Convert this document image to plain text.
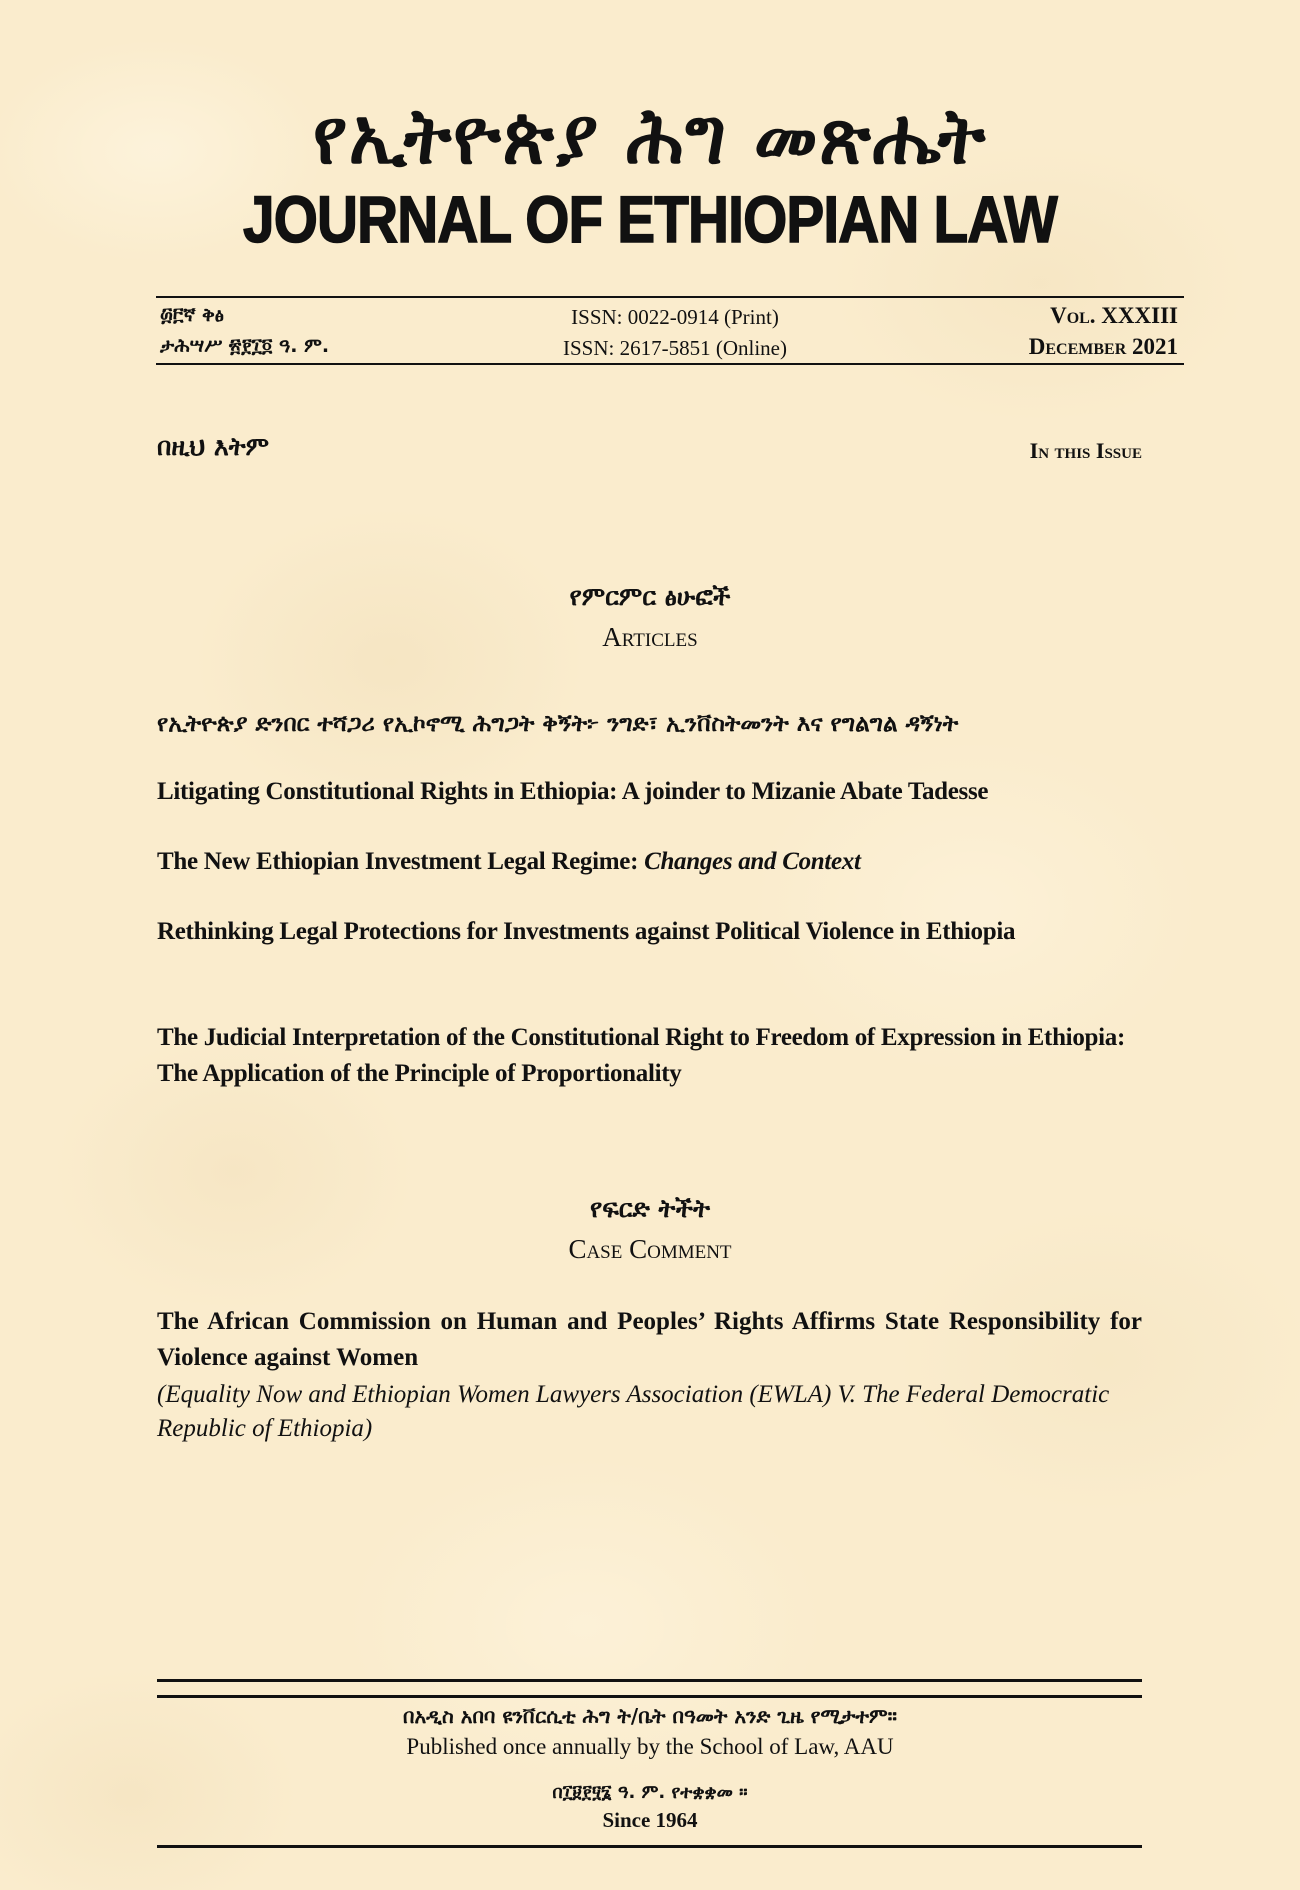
የኢትዮጵያ ሕግ መጽሔት
JOURNAL OF ETHIOPIAN LAW
፴፫ኛ ቅፅ
ታሕሣሥ ፳፻፲፬ ዓ. ም.
ISSN: 0022-0914 (Print)
ISSN: 2617-5851 (Online)
Vol. XXXIII
December 2021
በዚህ እትም	In this Issue
የምርምር ፅሁፎች
Articles
የኢትዮጵያ ድንበር ተሻጋሪ የኢኮኖሚ ሕግጋት ቅኝት፦ ንግድ፣ ኢንቨስትመንት እና የግልግል ዳኝነት
Litigating Constitutional Rights in Ethiopia: A joinder to Mizanie Abate Tadesse
The New Ethiopian Investment Legal Regime: Changes and Context
Rethinking Legal Protections for Investments against Political Violence in Ethiopia
The Judicial Interpretation of the Constitutional Right to Freedom of Expression in Ethiopia: The Application of the Principle of Proportionality
የፍርድ ትችት
Case Comment
The African Commission on Human and Peoples’ Rights Affirms State Responsibility for Violence against Women
(Equality Now and Ethiopian Women Lawyers Association (EWLA) V. The Federal Democratic Republic of Ethiopia)
በአዲስ አበባ ዩንቨርሲቲ ሕግ ት/ቤት በዓመት አንድ ጊዜ የሚታተም።
Published once annually by the School of Law, AAU
በ፲፱፻፶፮ ዓ. ም. የተቋቋመ ።
Since 1964
